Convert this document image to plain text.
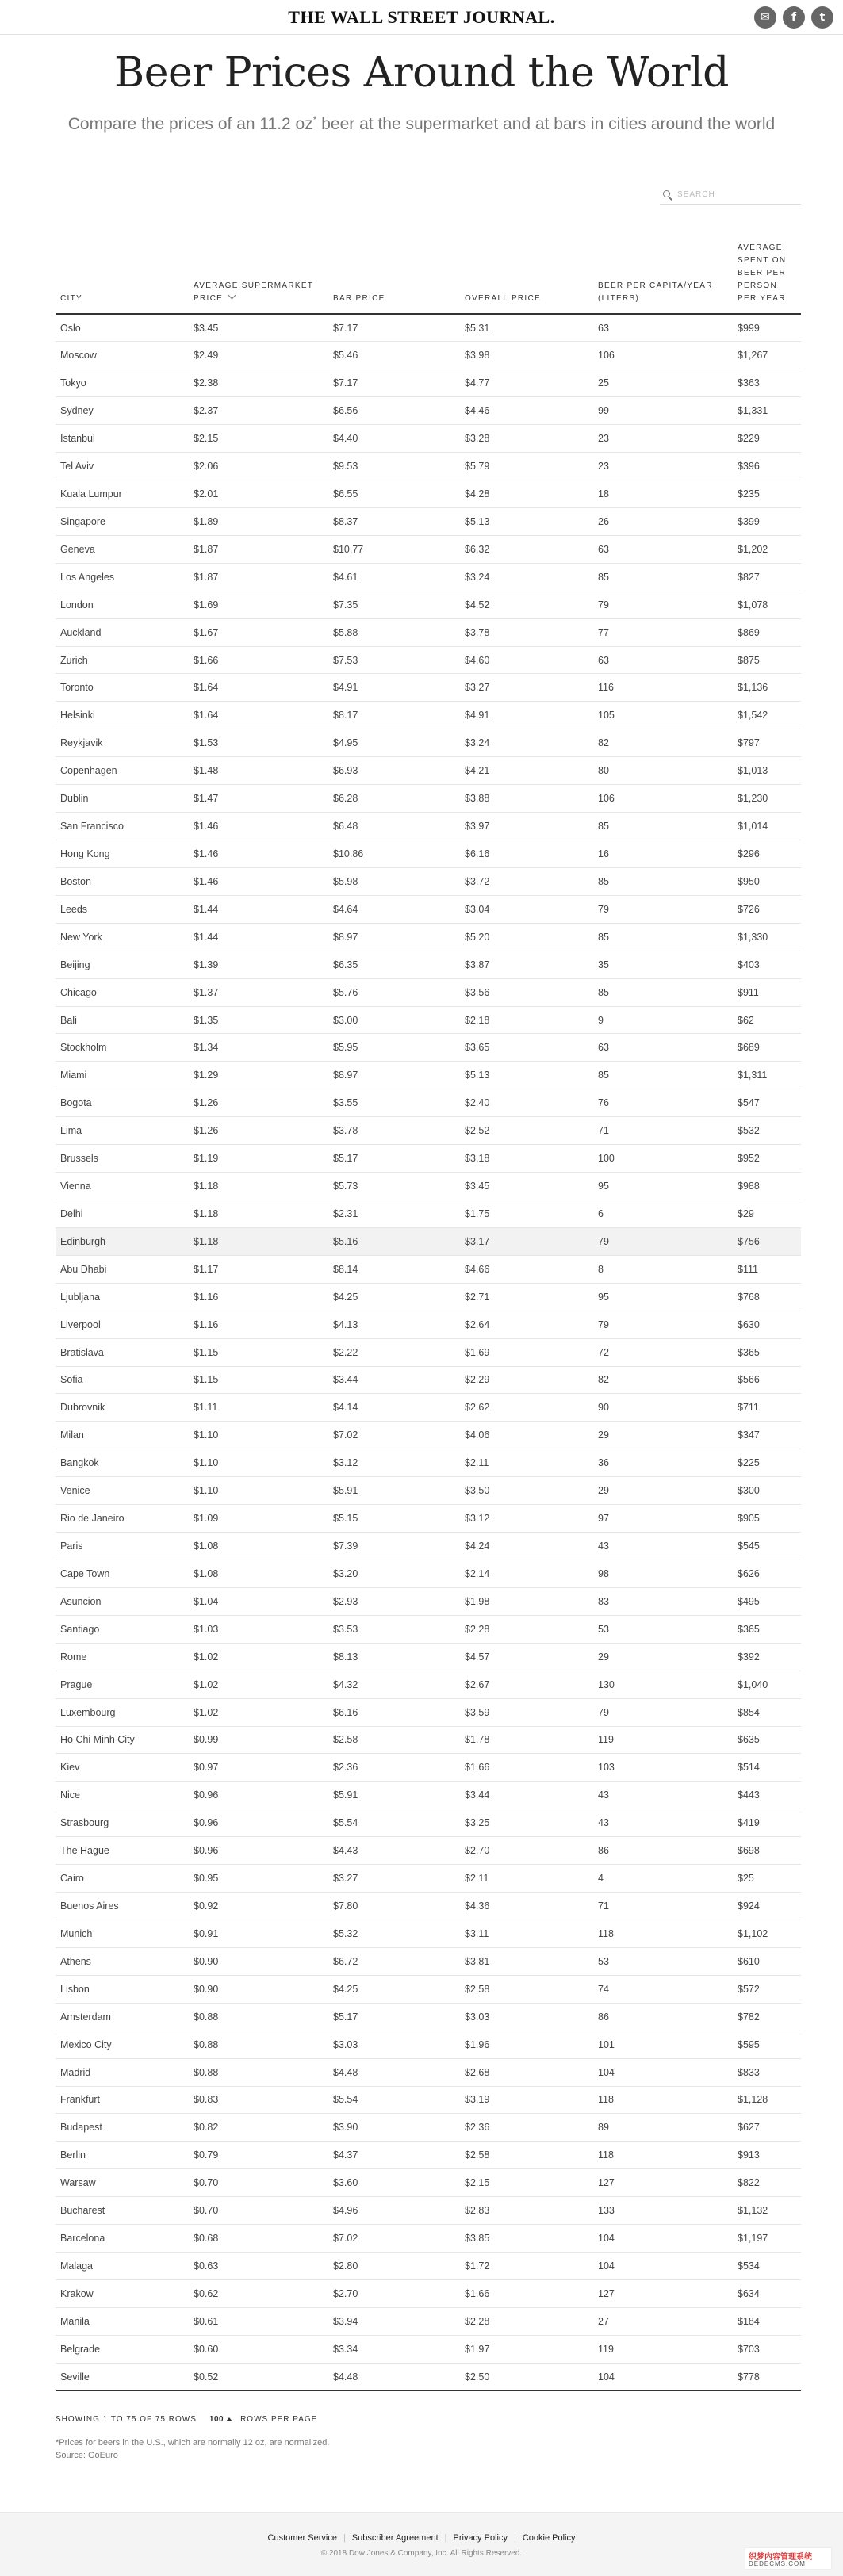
THE WALL STREET JOURNAL.	✉	f	t
Beer Prices Around the World
Compare the prices of an 11.2 oz* beer at the supermarket and at bars in cities around the world
SEARCH
CITY	AVERAGE SUPERMARKET PRICE	BAR PRICE	OVERALL PRICE	BEER PER CAPITA/YEAR (LITERS)	AVERAGE SPENT ON BEER PER PERSON PER YEAR
Oslo	$3.45	$7.17	$5.31	63	$999
Moscow	$2.49	$5.46	$3.98	106	$1,267
Tokyo	$2.38	$7.17	$4.77	25	$363
Sydney	$2.37	$6.56	$4.46	99	$1,331
Istanbul	$2.15	$4.40	$3.28	23	$229
Tel Aviv	$2.06	$9.53	$5.79	23	$396
Kuala Lumpur	$2.01	$6.55	$4.28	18	$235
Singapore	$1.89	$8.37	$5.13	26	$399
Geneva	$1.87	$10.77	$6.32	63	$1,202
Los Angeles	$1.87	$4.61	$3.24	85	$827
London	$1.69	$7.35	$4.52	79	$1,078
Auckland	$1.67	$5.88	$3.78	77	$869
Zurich	$1.66	$7.53	$4.60	63	$875
Toronto	$1.64	$4.91	$3.27	116	$1,136
Helsinki	$1.64	$8.17	$4.91	105	$1,542
Reykjavik	$1.53	$4.95	$3.24	82	$797
Copenhagen	$1.48	$6.93	$4.21	80	$1,013
Dublin	$1.47	$6.28	$3.88	106	$1,230
San Francisco	$1.46	$6.48	$3.97	85	$1,014
Hong Kong	$1.46	$10.86	$6.16	16	$296
Boston	$1.46	$5.98	$3.72	85	$950
Leeds	$1.44	$4.64	$3.04	79	$726
New York	$1.44	$8.97	$5.20	85	$1,330
Beijing	$1.39	$6.35	$3.87	35	$403
Chicago	$1.37	$5.76	$3.56	85	$911
Bali	$1.35	$3.00	$2.18	9	$62
Stockholm	$1.34	$5.95	$3.65	63	$689
Miami	$1.29	$8.97	$5.13	85	$1,311
Bogota	$1.26	$3.55	$2.40	76	$547
Lima	$1.26	$3.78	$2.52	71	$532
Brussels	$1.19	$5.17	$3.18	100	$952
Vienna	$1.18	$5.73	$3.45	95	$988
Delhi	$1.18	$2.31	$1.75	6	$29
Edinburgh	$1.18	$5.16	$3.17	79	$756
Abu Dhabi	$1.17	$8.14	$4.66	8	$111
Ljubljana	$1.16	$4.25	$2.71	95	$768
Liverpool	$1.16	$4.13	$2.64	79	$630
Bratislava	$1.15	$2.22	$1.69	72	$365
Sofia	$1.15	$3.44	$2.29	82	$566
Dubrovnik	$1.11	$4.14	$2.62	90	$711
Milan	$1.10	$7.02	$4.06	29	$347
Bangkok	$1.10	$3.12	$2.11	36	$225
Venice	$1.10	$5.91	$3.50	29	$300
Rio de Janeiro	$1.09	$5.15	$3.12	97	$905
Paris	$1.08	$7.39	$4.24	43	$545
Cape Town	$1.08	$3.20	$2.14	98	$626
Asuncion	$1.04	$2.93	$1.98	83	$495
Santiago	$1.03	$3.53	$2.28	53	$365
Rome	$1.02	$8.13	$4.57	29	$392
Prague	$1.02	$4.32	$2.67	130	$1,040
Luxembourg	$1.02	$6.16	$3.59	79	$854
Ho Chi Minh City	$0.99	$2.58	$1.78	119	$635
Kiev	$0.97	$2.36	$1.66	103	$514
Nice	$0.96	$5.91	$3.44	43	$443
Strasbourg	$0.96	$5.54	$3.25	43	$419
The Hague	$0.96	$4.43	$2.70	86	$698
Cairo	$0.95	$3.27	$2.11	4	$25
Buenos Aires	$0.92	$7.80	$4.36	71	$924
Munich	$0.91	$5.32	$3.11	118	$1,102
Athens	$0.90	$6.72	$3.81	53	$610
Lisbon	$0.90	$4.25	$2.58	74	$572
Amsterdam	$0.88	$5.17	$3.03	86	$782
Mexico City	$0.88	$3.03	$1.96	101	$595
Madrid	$0.88	$4.48	$2.68	104	$833
Frankfurt	$0.83	$5.54	$3.19	118	$1,128
Budapest	$0.82	$3.90	$2.36	89	$627
Berlin	$0.79	$4.37	$2.58	118	$913
Warsaw	$0.70	$3.60	$2.15	127	$822
Bucharest	$0.70	$4.96	$2.83	133	$1,132
Barcelona	$0.68	$7.02	$3.85	104	$1,197
Malaga	$0.63	$2.80	$1.72	104	$534
Krakow	$0.62	$2.70	$1.66	127	$634
Manila	$0.61	$3.94	$2.28	27	$184
Belgrade	$0.60	$3.34	$1.97	119	$703
Seville	$0.52	$4.48	$2.50	104	$778
SHOWING 1 TO 75 OF 75 ROWS 100 ROWS PER PAGE
*Prices for beers in the U.S., which are normally 12 oz, are normalized.
Source: GoEuro
Customer Service | Subscriber Agreement | Privacy Policy | Cookie Policy
© 2018 Dow Jones & Company, Inc. All Rights Reserved.	织梦内容管理系统
DEDECMS.COM
